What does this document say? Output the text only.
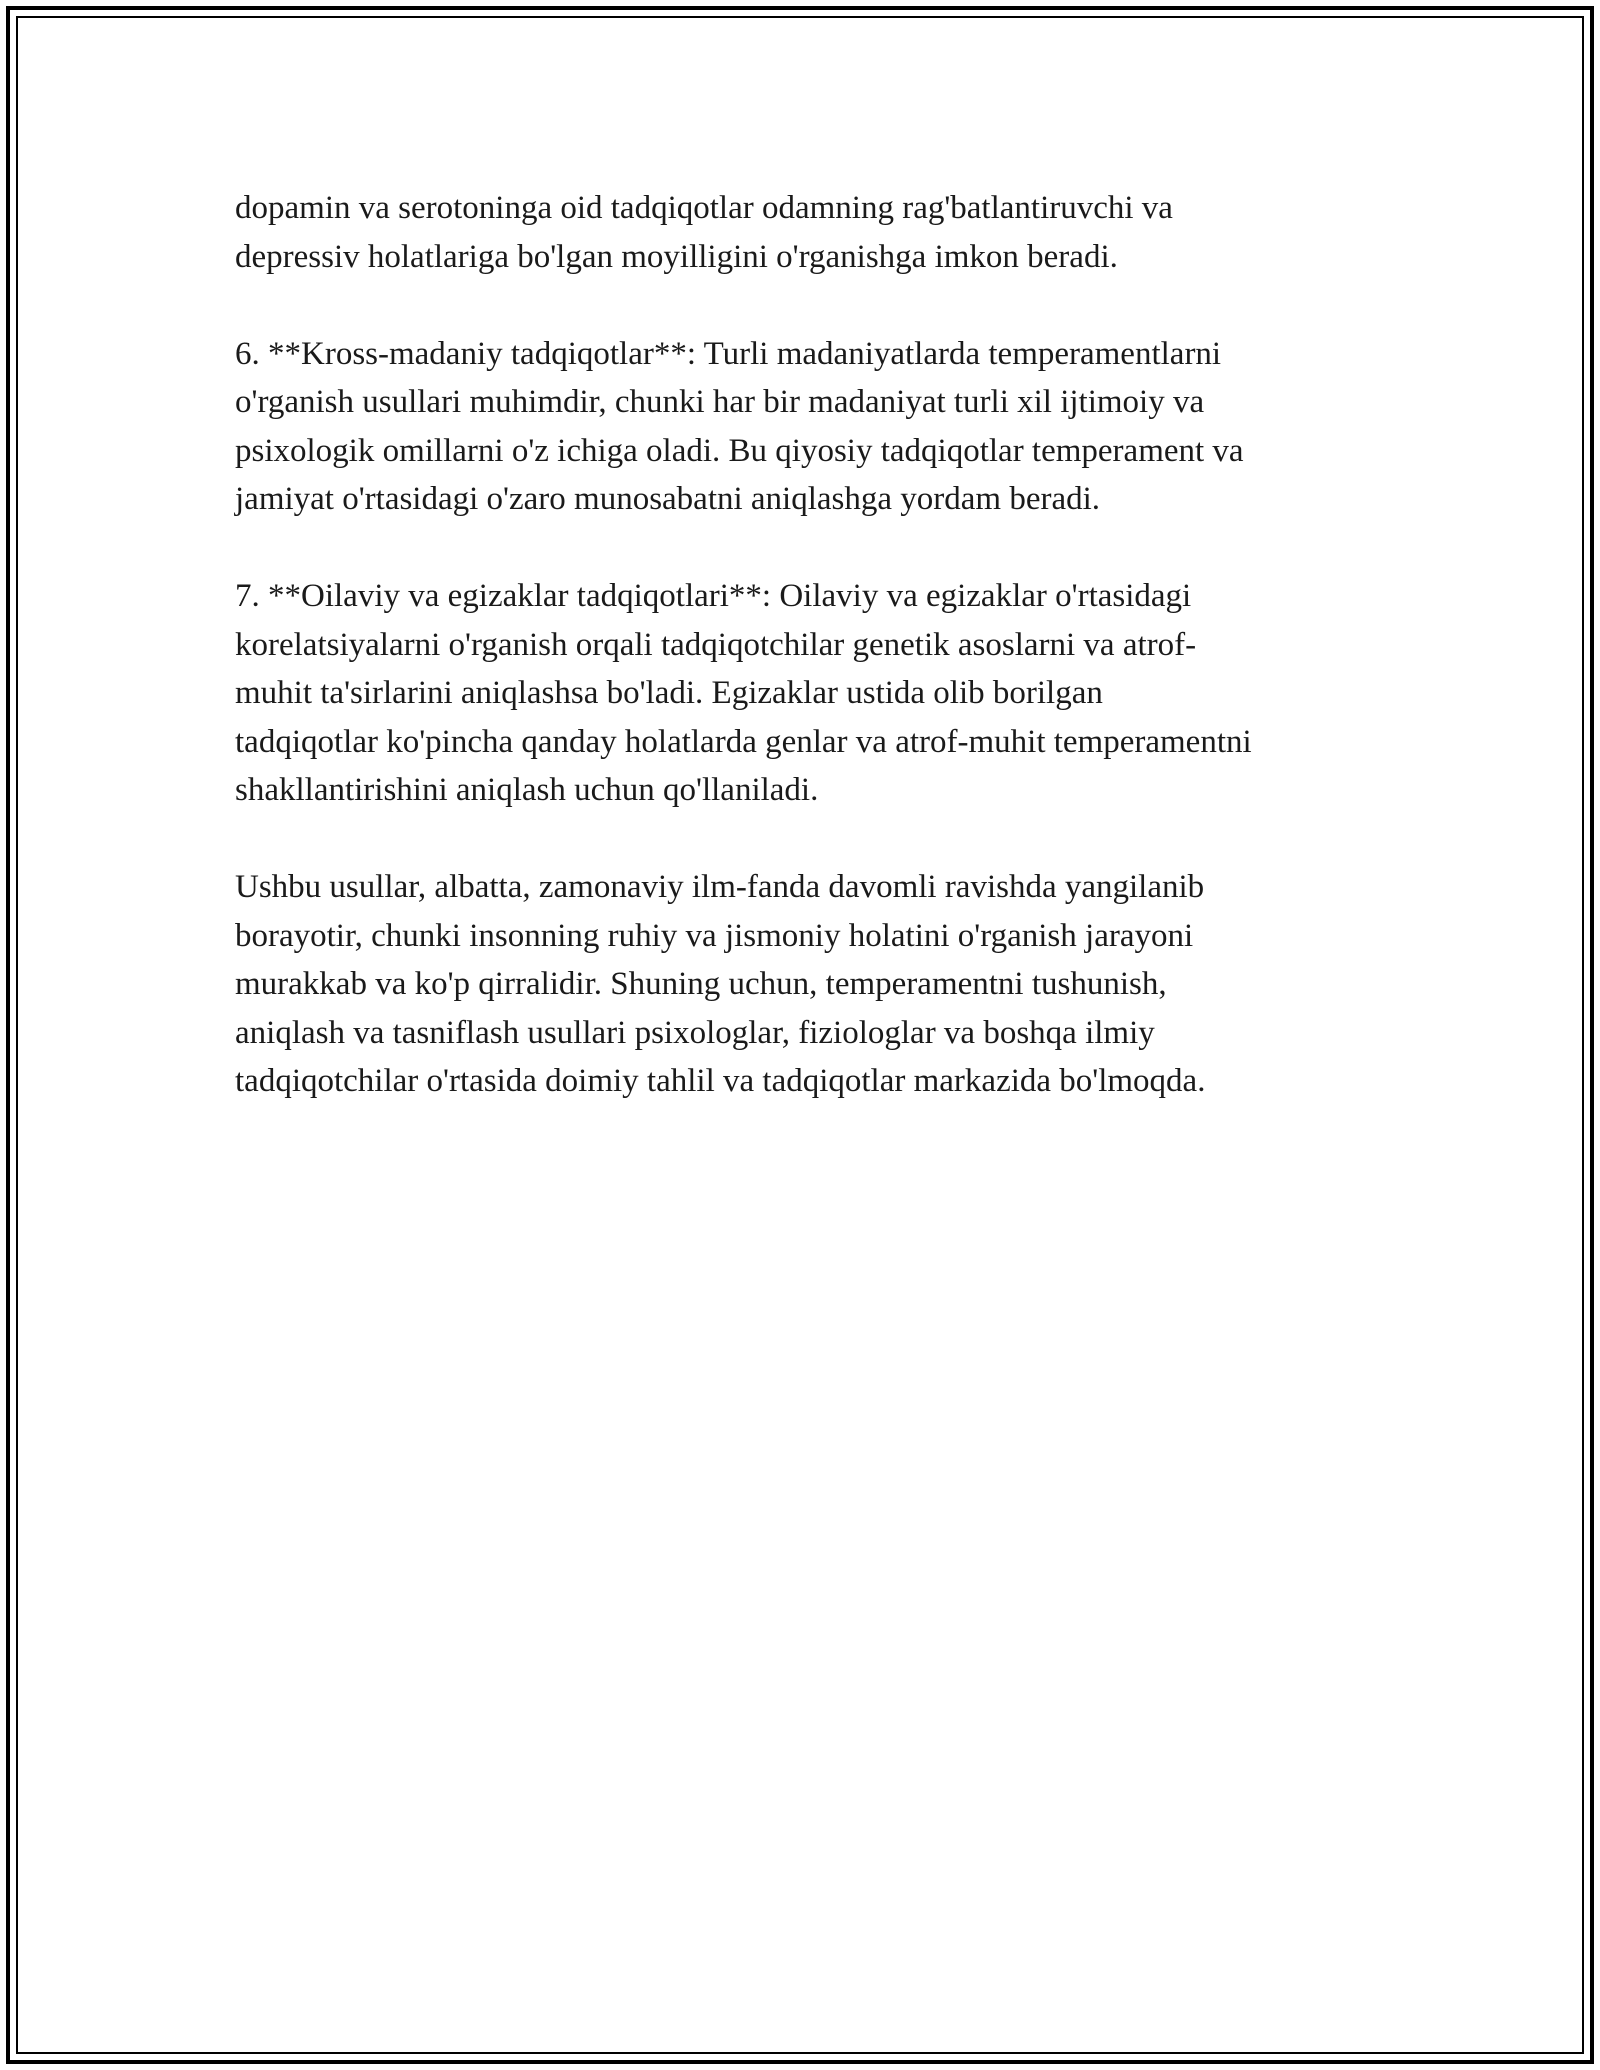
dopamin va serotoninga oid tadqiqotlar odamning rag'batlantiruvchi va
depressiv holatlariga bo'lgan moyilligini o'rganishga imkon beradi.

6. **Kross-madaniy tadqiqotlar**: Turli madaniyatlarda temperamentlarni
o'rganish usullari muhimdir, chunki har bir madaniyat turli xil ijtimoiy va
psixologik omillarni o'z ichiga oladi. Bu qiyosiy tadqiqotlar temperament va
jamiyat o'rtasidagi o'zaro munosabatni aniqlashga yordam beradi.

7. **Oilaviy va egizaklar tadqiqotlari**: Oilaviy va egizaklar o'rtasidagi
korelatsiyalarni o'rganish orqali tadqiqotchilar genetik asoslarni va atrof-
muhit ta'sirlarini aniqlashsa bo'ladi. Egizaklar ustida olib borilgan
tadqiqotlar ko'pincha qanday holatlarda genlar va atrof-muhit temperamentni
shakllantirishini aniqlash uchun qo'llaniladi.

Ushbu usullar, albatta, zamonaviy ilm-fanda davomli ravishda yangilanib
borayotir, chunki insonning ruhiy va jismoniy holatini o'rganish jarayoni
murakkab va ko'p qirralidir. Shuning uchun, temperamentni tushunish,
aniqlash va tasniflash usullari psixologlar, fiziologlar va boshqa ilmiy
tadqiqotchilar o'rtasida doimiy tahlil va tadqiqotlar markazida bo'lmoqda.
